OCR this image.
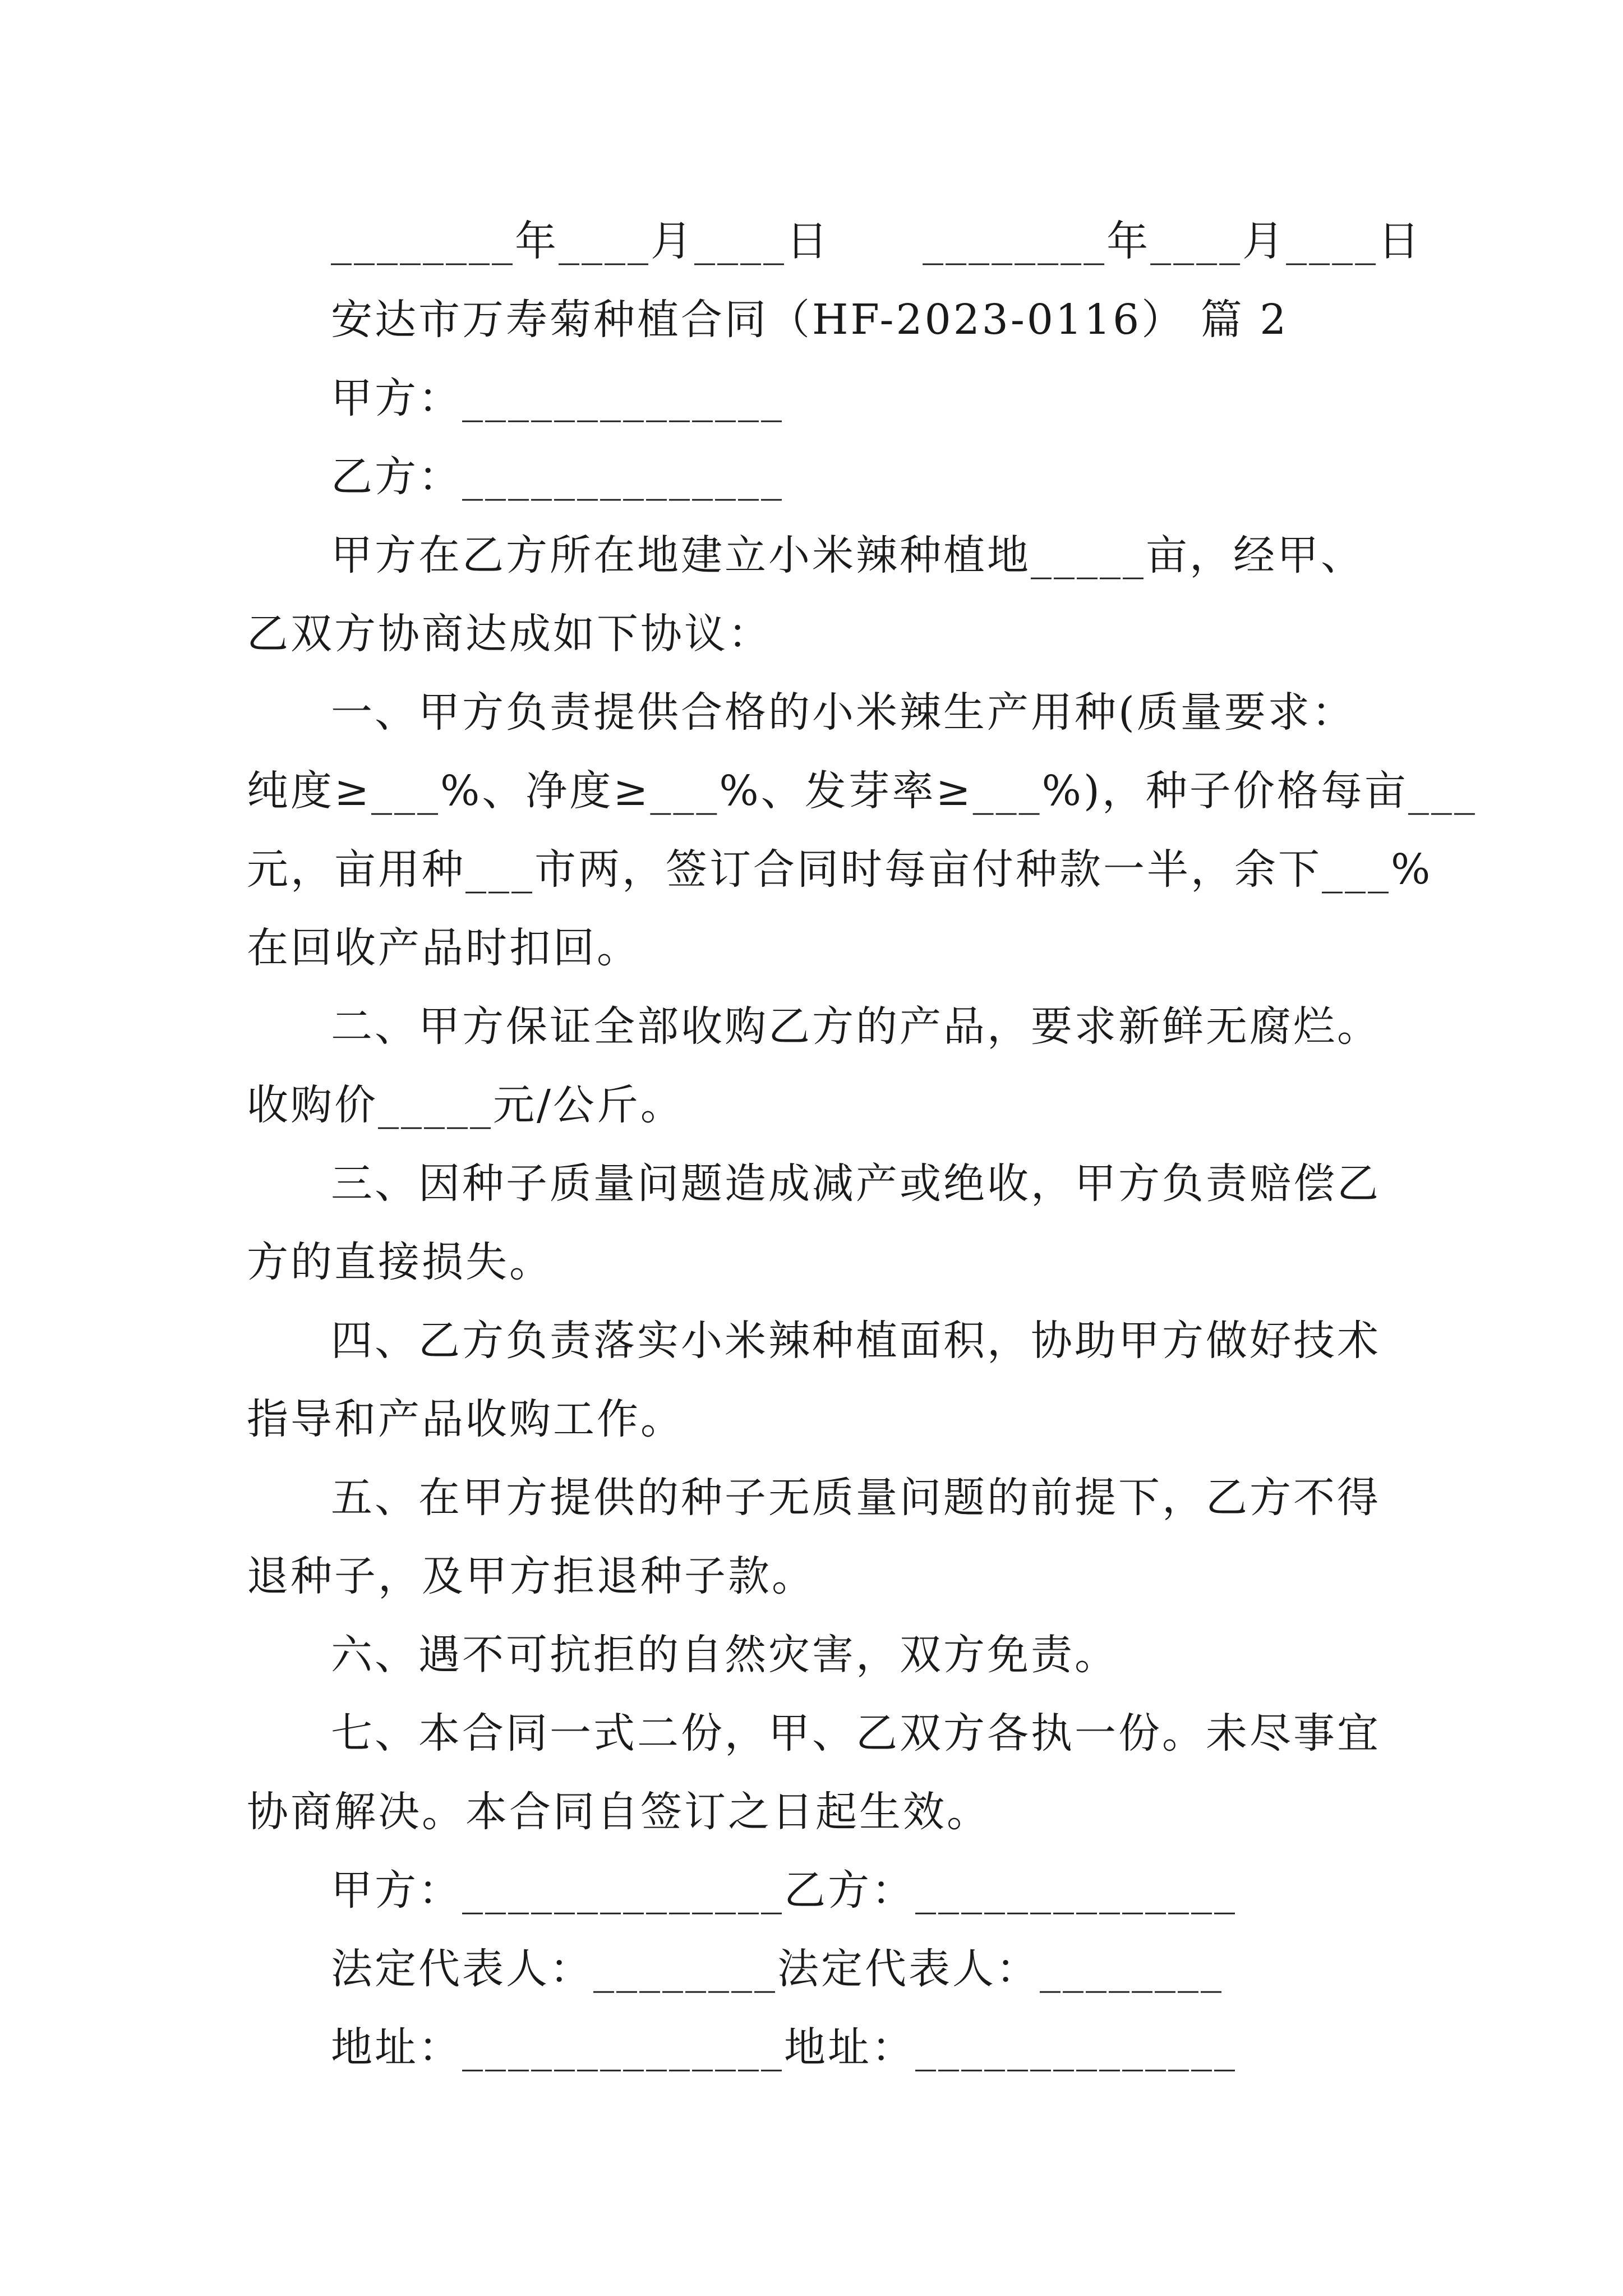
________年____月____日      ________年____月____日
安达市万寿菊种植合同（HF-2023-0116） 篇 2
甲方：______________
乙方：______________
甲方在乙方所在地建立小米辣种植地_____亩，经甲、
乙双方协商达成如下协议：
一、甲方负责提供合格的小米辣生产用种(质量要求：
纯度≥___%、净度≥___%、发芽率≥___%)，种子价格每亩___
元，亩用种___市两，签订合同时每亩付种款一半，余下___%
在回收产品时扣回。
二、甲方保证全部收购乙方的产品，要求新鲜无腐烂。
收购价_____元/公斤。
三、因种子质量问题造成减产或绝收，甲方负责赔偿乙
方的直接损失。
四、乙方负责落实小米辣种植面积，协助甲方做好技术
指导和产品收购工作。
五、在甲方提供的种子无质量问题的前提下，乙方不得
退种子，及甲方拒退种子款。
六、遇不可抗拒的自然灾害，双方免责。
七、本合同一式二份，甲、乙双方各执一份。未尽事宜
协商解决。本合同自签订之日起生效。
甲方：______________乙方：______________
法定代表人：________法定代表人：________
地址：______________地址：______________
